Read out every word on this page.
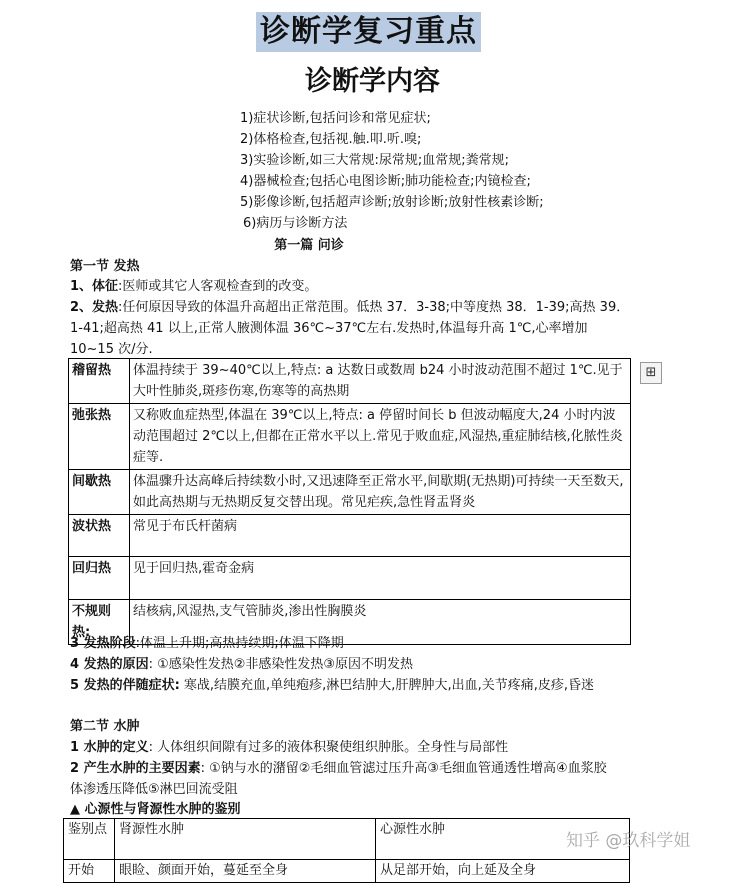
诊断学复习重点
诊断学内容
1)症状诊断,包括问诊和常见症状;
2)体格检查,包括视.触.叩.听.嗅;
3)实验诊断,如三大常规:尿常规;血常规;粪常规;
4)器械检查;包括心电图诊断;肺功能检查;内镜检查;
5)影像诊断,包括超声诊断;放射诊断;放射性核素诊断;
6)病历与诊断方法
第一篇 问诊
第一节 发热
1、体征:医师或其它人客观检查到的改变。
2、发热:任何原因导致的体温升高超出正常范围。低热 37．3-38;中等度热 38．1-39;高热 39．1-41;超高热 41 以上,正常人腋测体温 36℃~37℃左右.发热时,体温每升高 1℃,心率增加 10~15 次/分.
⊞
稽留热	体温持续于 39~40℃以上,特点: a 达数日或数周 b24 小时波动范围不超过 1℃.见于大叶性肺炎,斑疹伤寒,伤寒等的高热期
弛张热	又称败血症热型,体温在 39℃以上,特点: a 停留时间长 b 但波动幅度大,24 小时内波动范围超过 2℃以上,但都在正常水平以上.常见于败血症,风湿热,重症肺结核,化脓性炎症等.
间歇热	体温骤升达高峰后持续数小时,又迅速降至正常水平,间歇期(无热期)可持续一天至数天,如此高热期与无热期反复交替出现。常见疟疾,急性肾盂肾炎
波状热	常见于布氏杆菌病
回归热	见于回归热,霍奇金病
不规则热:	结核病,风湿热,支气管肺炎,渗出性胸膜炎
3 发热阶段:体温上升期;高热持续期;体温下降期
4 发热的原因: ①感染性发热②非感染性发热③原因不明发热
5 发热的伴随症状: 寒战,结膜充血,单纯疱疹,淋巴结肿大,肝脾肿大,出血,关节疼痛,皮疹,昏迷
第二节 水肿
1 水肿的定义: 人体组织间隙有过多的液体积聚使组织肿胀。全身性与局部性
2 产生水肿的主要因素: ①钠与水的潴留②毛细血管滤过压升高③毛细血管通透性增高④血浆胶体渗透压降低⑤淋巴回流受阻
▲ 心源性与肾源性水肿的鉴别
鉴别点	肾源性水肿	心源性水肿
开始	眼睑、颜面开始，蔓延至全身	从足部开始，向上延及全身
知乎 @玖科学姐
